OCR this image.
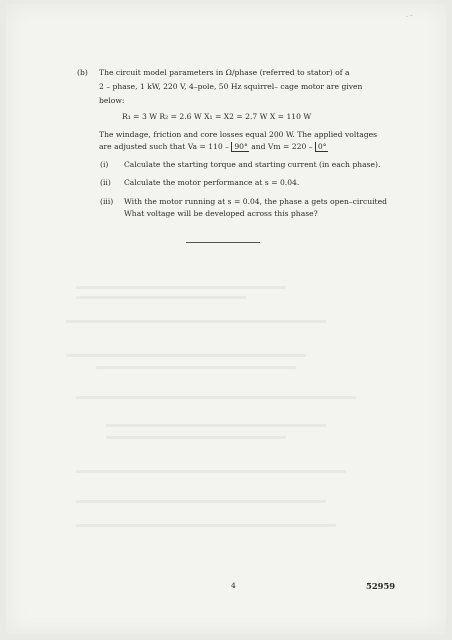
· ⁻
(b) The circuit model parameters in Ω/phase (referred to stator) of a
2 – phase, 1 kW, 220 V, 4–pole, 50 Hz squirrel– cage motor are given
below:
R₁ = 3 W R₂ = 2.6 W X₁ = X2 = 2.7 W X = 110 W
The windage, friction and core losses equal 200 W. The applied voltages
are adjusted such that Va = 110 – 90° and Vm = 220 – 0°
(i) Calculate the starting torque and starting current (in each phase).
(ii) Calculate the motor performance at s = 0.04.
(iii) With the motor running at s = 0.04, the phase a gets open–circuited
What voltage will be developed across this phase?
4	52959
